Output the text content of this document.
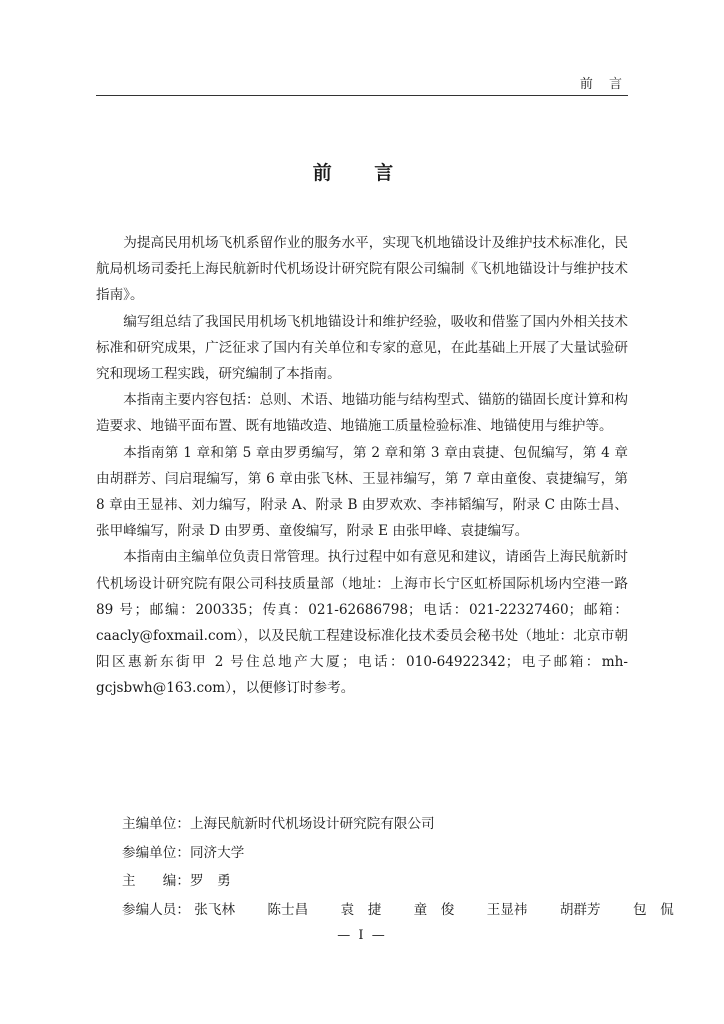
前 言
前 言

为提高民用机场飞机系留作业的服务水平，实现飞机地锚设计及维护技术标准化，民航局机场司委托上海民航新时代机场设计研究院有限公司编制《飞机地锚设计与维护技术指南》。

编写组总结了我国民用机场飞机地锚设计和维护经验，吸收和借鉴了国内外相关技术标准和研究成果，广泛征求了国内有关单位和专家的意见，在此基础上开展了大量试验研究和现场工程实践，研究编制了本指南。

本指南主要内容包括：总则、术语、地锚功能与结构型式、锚筋的锚固长度计算和构造要求、地锚平面布置、既有地锚改造、地锚施工质量检验标准、地锚使用与维护等。

本指南第 1 章和第 5 章由罗勇编写，第 2 章和第 3 章由袁捷、包侃编写，第 4 章由胡群芳、闫启琨编写，第 6 章由张飞林、王显祎编写，第 7 章由童俊、袁捷编写，第 8 章由王显祎、刘力编写，附录 A、附录 B 由罗欢欢、李祎韬编写，附录 C 由陈士昌、张甲峰编写，附录 D 由罗勇、童俊编写，附录 E 由张甲峰、袁捷编写。

本指南由主编单位负责日常管理。执行过程中如有意见和建议，请函告上海民航新时代机场设计研究院有限公司科技质量部（地址：上海市长宁区虹桥国际机场内空港一路 89 号；邮编：200335；传真：021-62686798；电话：021-22327460；邮箱：caacly@foxmail.com），以及民航工程建设标准化技术委员会秘书处（地址：北京市朝阳区惠新东街甲 2 号住总地产大厦；电话：010-64922342；电子邮箱：mh-gcjsbwh@163.com），以便修订时参考。

主编单位：上海民航新时代机场设计研究院有限公司
参编单位：同济大学
主　　编：罗　勇
参编人员： 张飞林 陈士昌 袁　捷 童　俊 王显祎 胡群芳 包　侃
— I —
